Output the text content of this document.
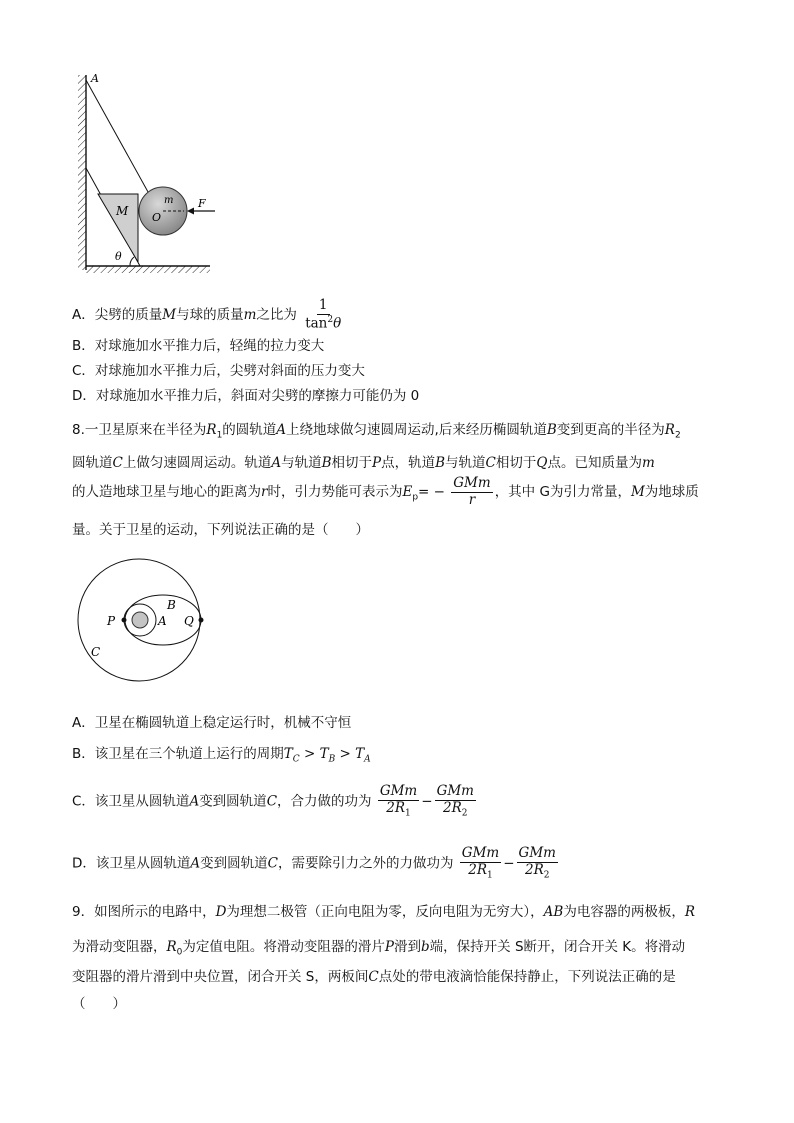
A
M
m
O
F
θ
A．尖劈的质量M与球的质量m之比为 $\frac{1}{\tan^2\theta}$
B．对球施加水平推力后，轻绳的拉力变大
C．对球施加水平推力后，尖劈对斜面的压力变大
D．对球施加水平推力后，斜面对尖劈的摩擦力可能仍为 0
8.一卫星原来在半径为$R_1$的圆轨道A上绕地球做匀速圆周运动,后来经历椭圆轨道B变到更高的半径为$R_2$
圆轨道C上做匀速圆周运动。轨道A与轨道B相切于P点，轨道B与轨道C相切于Q点。已知质量为m
的人造地球卫星与地心的距离为r时，引力势能可表示为$E_p= - \frac{\text{GMm}}{r}$ ，其中 G为引力常量，M为地球质
量。关于卫星的运动，下列说法正确的是（　　）
P	A
B
Q
C
A．卫星在椭圆轨道上稳定运行时，机械不守恒
B．该卫星在三个轨道上运行的周期$T_C > T_B > T_A$
C．该卫星从圆轨道A变到圆轨道C，合力做的功为 $\frac{\text{GMm}}{2R_1} - \frac{\text{GMm}}{2R_2}$
D．该卫星从圆轨道A变到圆轨道C，需要除引力之外的力做功为 $\frac{\text{GMm}}{2R_1} - \frac{\text{GMm}}{2R_2}$
9．如图所示的电路中，D为理想二极管（正向电阻为零，反向电阻为无穷大），AB为电容器的两极板，R
为滑动变阻器，$R_0$为定值电阻。将滑动变阻器的滑片P滑到b端，保持开关 S断开，闭合开关 K。将滑动
变阻器的滑片滑到中央位置，闭合开关 S，两板间C点处的带电液滴恰能保持静止，下列说法正确的是
（　　）
